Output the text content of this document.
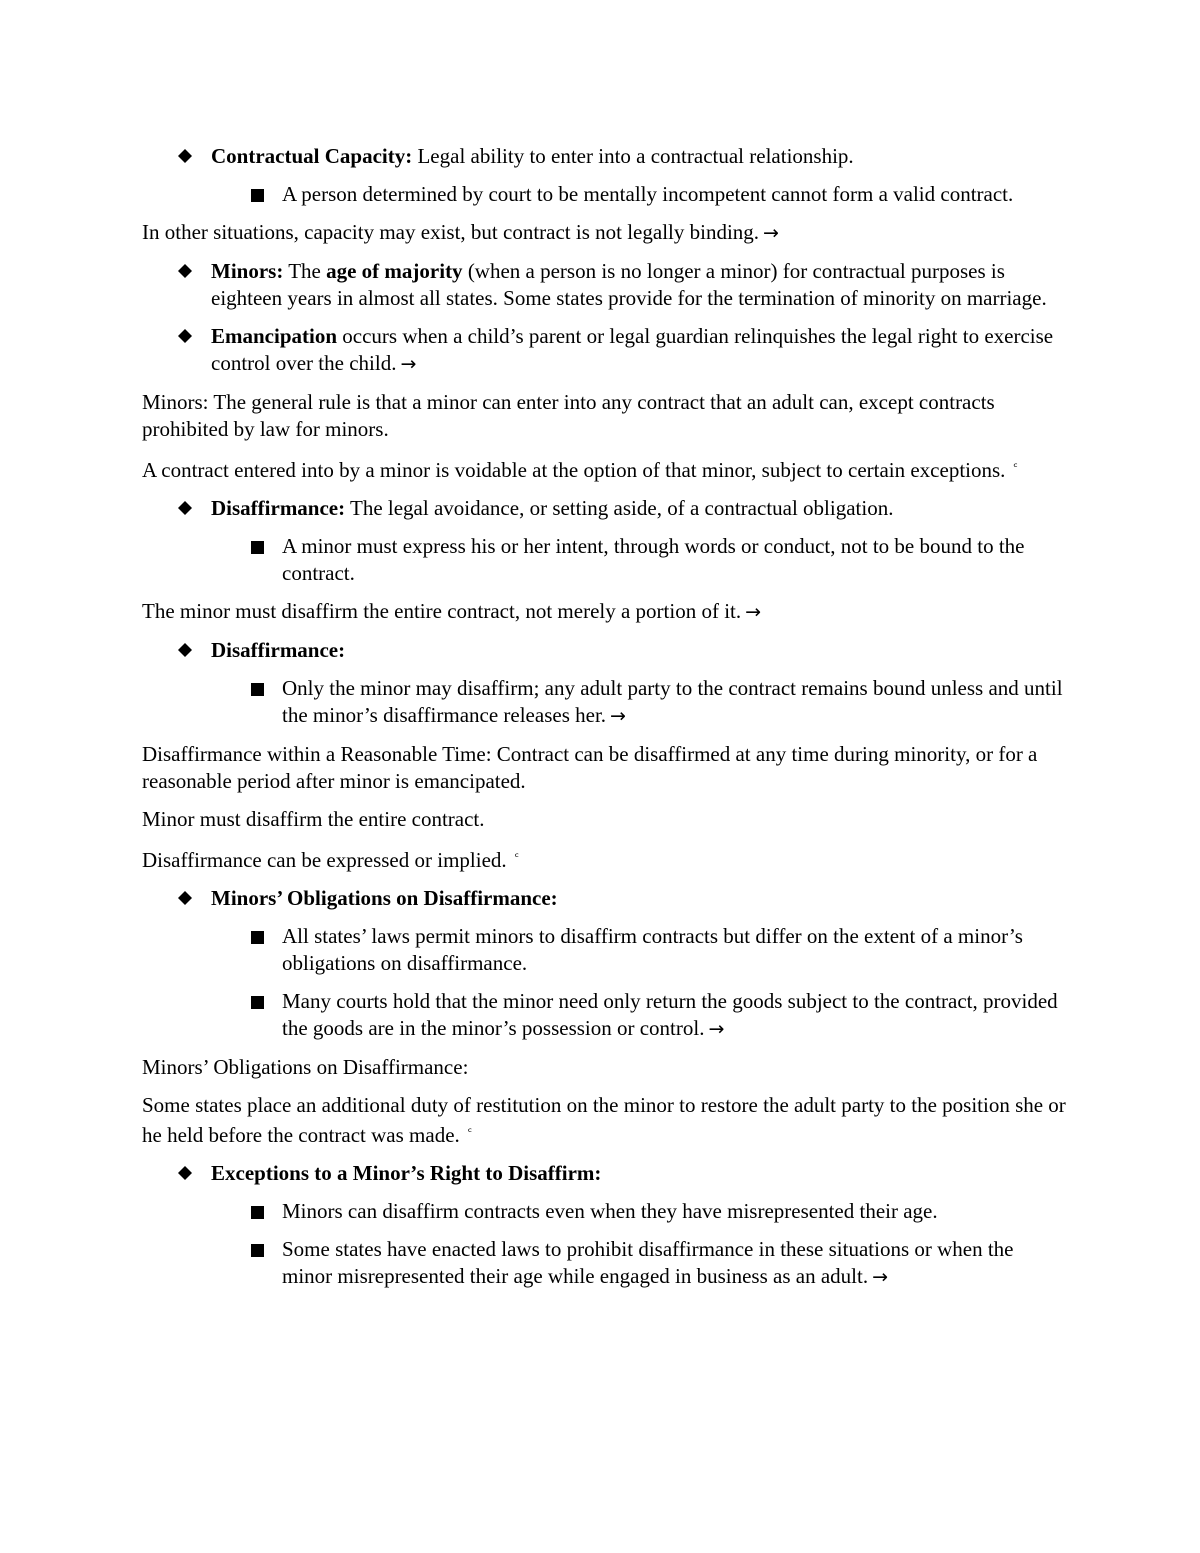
Contractual Capacity: Legal ability to enter into a contractual relationship.
A person determined by court to be mentally incompetent cannot form a valid contract.

In other situations, capacity may exist, but contract is not legally binding. →

Minors: The age of majority (when a person is no longer a minor) for contractual purposes is eighteen years in almost all states. Some states provide for the termination of minority on marriage.
Emancipation occurs when a child’s parent or legal guardian relinquishes the legal right to exercise control over the child. →

Minors: The general rule is that a minor can enter into any contract that an adult can, except contracts prohibited by law for minors.

A contract entered into by a minor is voidable at the option of that minor, subject to certain exceptions. ᶜ

Disaffirmance: The legal avoidance, or setting aside, of a contractual obligation.
A minor must express his or her intent, through words or conduct, not to be bound to the contract.

The minor must disaffirm the entire contract, not merely a portion of it. →

Disaffirmance:
Only the minor may disaffirm; any adult party to the contract remains bound unless and until the minor’s disaffirmance releases her. →

Disaffirmance within a Reasonable Time: Contract can be disaffirmed at any time during minority, or for a reasonable period after minor is emancipated.

Minor must disaffirm the entire contract.

Disaffirmance can be expressed or implied. ᶜ

Minors’ Obligations on Disaffirmance:
All states’ laws permit minors to disaffirm contracts but differ on the extent of a minor’s obligations on disaffirmance.
Many courts hold that the minor need only return the goods subject to the contract, provided the goods are in the minor’s possession or control. →

Minors’ Obligations on Disaffirmance:

Some states place an additional duty of restitution on the minor to restore the adult party to the position she or he held before the contract was made. ᶜ

Exceptions to a Minor’s Right to Disaffirm:
Minors can disaffirm contracts even when they have misrepresented their age.
Some states have enacted laws to prohibit disaffirmance in these situations or when the minor misrepresented their age while engaged in business as an adult. →
